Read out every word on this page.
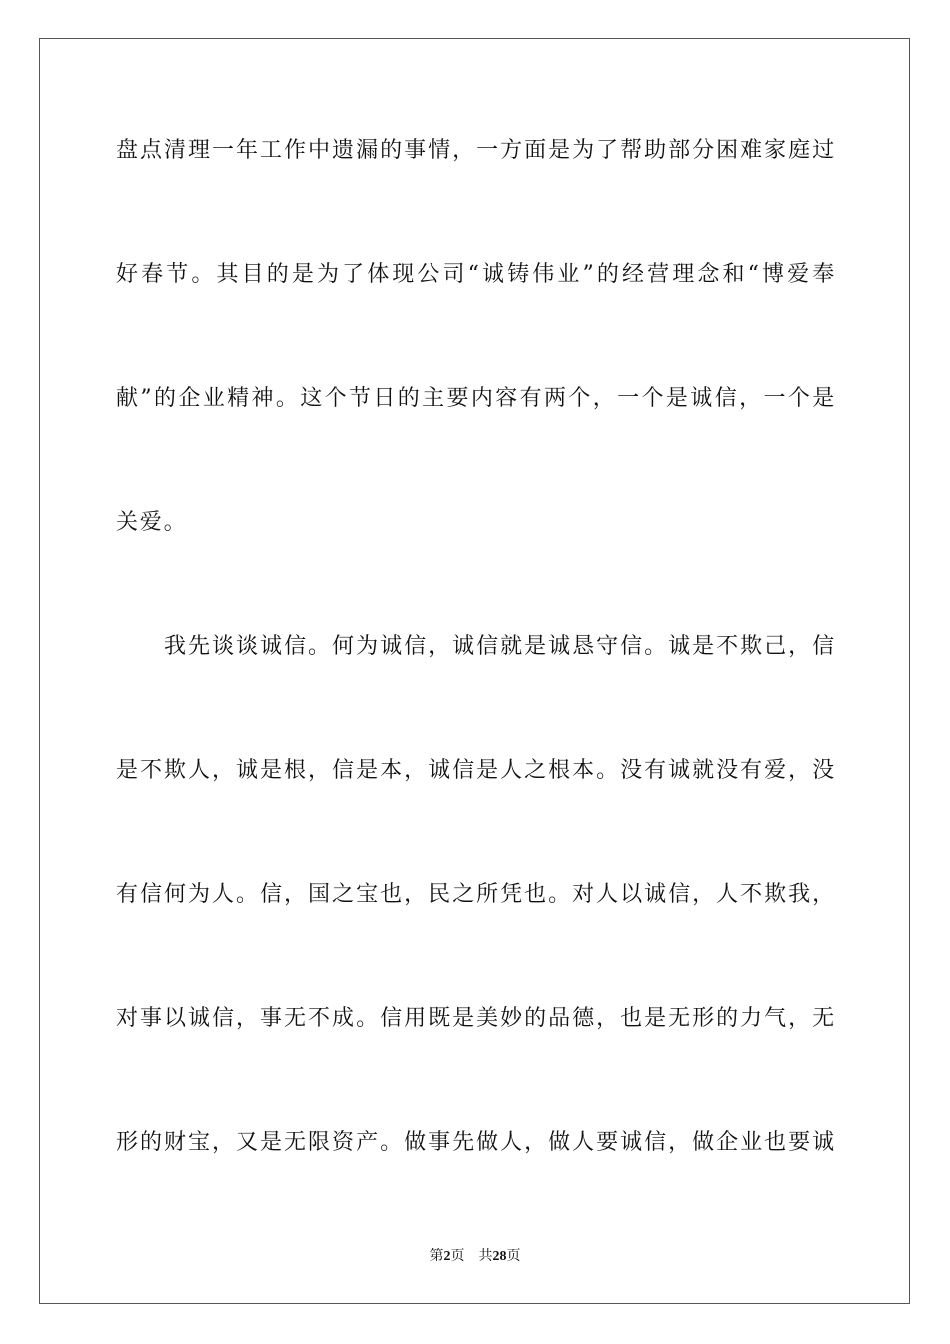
盘点清理一年工作中遗漏的事情，一方面是为了帮助部分困难家庭过
好春节。其目的是为了体现公司“诚铸伟业”的经营理念和“博爱奉
献”的企业精神。这个节日的主要内容有两个，一个是诚信，一个是
关爱。
　　我先谈谈诚信。何为诚信，诚信就是诚恳守信。诚是不欺己，信
是不欺人，诚是根，信是本，诚信是人之根本。没有诚就没有爱，没
有信何为人。信，国之宝也，民之所凭也。对人以诚信，人不欺我，
对事以诚信，事无不成。信用既是美妙的品德，也是无形的力气，无
形的财宝，又是无限资产。做事先做人，做人要诚信，做企业也要诚
第2页 共28页
